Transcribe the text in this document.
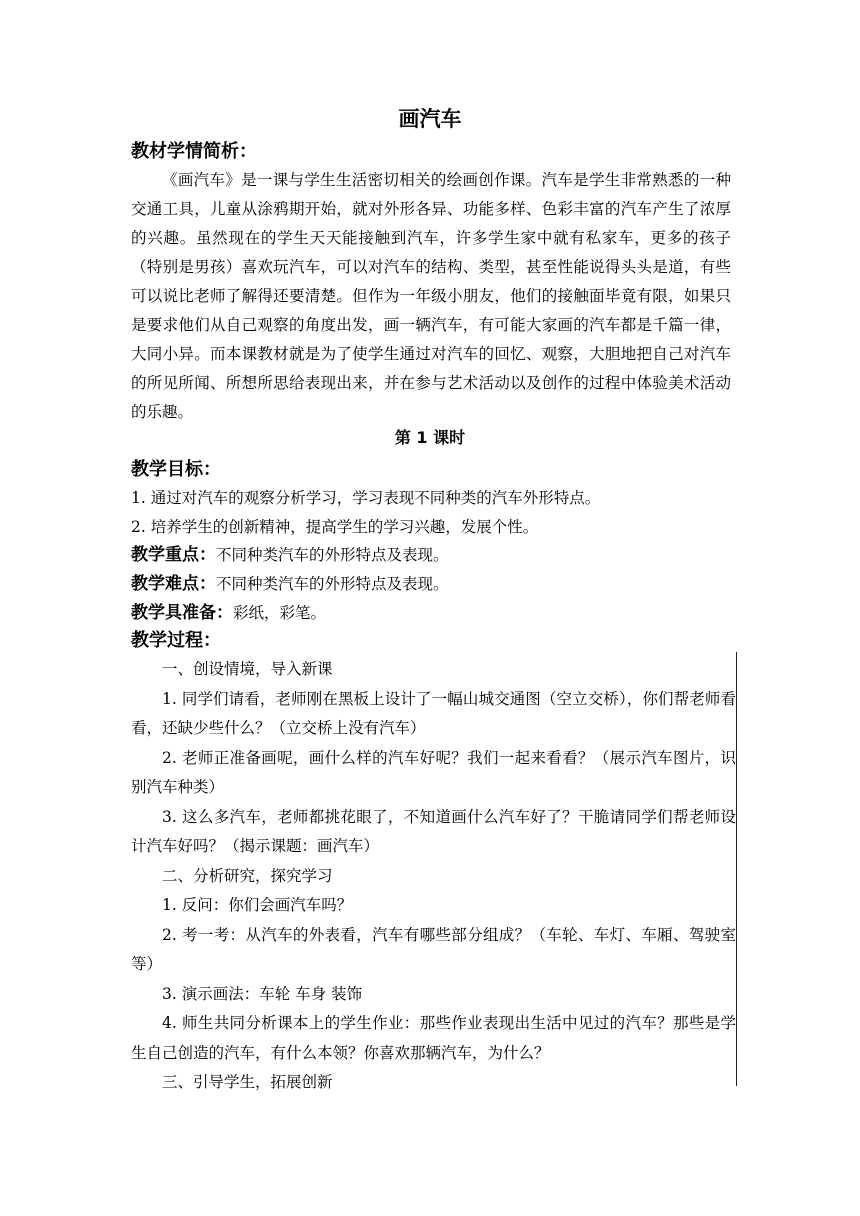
画汽车
教材学情简析：

《画汽车》是一课与学生生活密切相关的绘画创作课。汽车是学生非常熟悉的一种交通工具，儿童从涂鸦期开始，就对外形各异、功能多样、色彩丰富的汽车产生了浓厚的兴趣。虽然现在的学生天天能接触到汽车，许多学生家中就有私家车，更多的孩子（特别是男孩）喜欢玩汽车，可以对汽车的结构、类型，甚至性能说得头头是道，有些可以说比老师了解得还要清楚。但作为一年级小朋友，他们的接触面毕竟有限，如果只是要求他们从自己观察的角度出发，画一辆汽车，有可能大家画的汽车都是千篇一律，大同小异。而本课教材就是为了使学生通过对汽车的回忆、观察，大胆地把自己对汽车的所见所闻、所想所思给表现出来，并在参与艺术活动以及创作的过程中体验美术活动的乐趣。

第 1 课时
教学目标：
1. 通过对汽车的观察分析学习，学习表现不同种类的汽车外形特点。
2. 培养学生的创新精神，提高学生的学习兴趣，发展个性。
教学重点：不同种类汽车的外形特点及表现。
教学难点：不同种类汽车的外形特点及表现。
教学具准备：彩纸，彩笔。
教学过程：

一、创设情境，导入新课

1. 同学们请看，老师刚在黑板上设计了一幅山城交通图（空立交桥），你们帮老师看看，还缺少些什么？（立交桥上没有汽车）

2. 老师正准备画呢，画什么样的汽车好呢？我们一起来看看？（展示汽车图片，识别汽车种类）

3. 这么多汽车，老师都挑花眼了，不知道画什么汽车好了？干脆请同学们帮老师设计汽车好吗？（揭示课题：画汽车）

二、分析研究，探究学习

1. 反问：你们会画汽车吗？

2. 考一考：从汽车的外表看，汽车有哪些部分组成？（车轮、车灯、车厢、驾驶室等）

3. 演示画法：车轮 车身 装饰

4. 师生共同分析课本上的学生作业：那些作业表现出生活中见过的汽车？那些是学生自己创造的汽车，有什么本领？你喜欢那辆汽车，为什么？

三、引导学生，拓展创新
